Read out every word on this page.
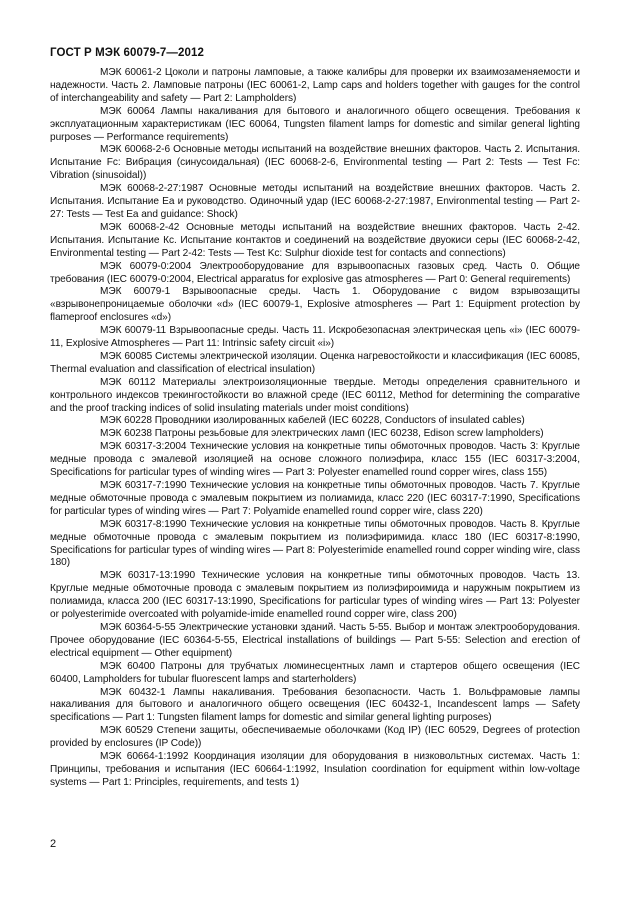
ГОСТ Р МЭК 60079-7—2012

МЭК 60061-2 Цоколи и патроны ламповые, а также калибры для проверки их взаимозаменяемости и надежности. Часть 2. Ламповые патроны (IEC 60061-2, Lamp caps and holders together with gauges for the control of interchangeability and safety — Part 2: Lampholders)

МЭК 60064 Лампы накаливания для бытового и аналогичного общего освещения. Требования к эксплуатационным характеристикам (IEC 60064, Tungsten filament lamps for domestic and similar general lighting purposes — Performance requirements)

МЭК 60068-2-6 Основные методы испытаний на воздействие внешних факторов. Часть 2. Испытания. Испытание Fc: Вибрация (синусоидальная) (IEC 60068-2-6, Environmental testing — Part 2: Tests — Test Fc: Vibration (sinusoidal))

МЭК 60068-2-27:1987 Основные методы испытаний на воздействие внешних факторов. Часть 2. Испытания. Испытание Ea и руководство. Одиночный удар (IEC 60068-2-27:1987, Environmental testing — Part 2-27: Tests — Test Ea and guidance: Shock)

МЭК 60068-2-42 Основные методы испытаний на воздействие внешних факторов. Часть 2-42. Испытания. Испытание Кс. Испытание контактов и соединений на воздействие двуокиси серы (IEC 60068-2-42, Environmental testing — Part 2-42: Tests — Test Kc: Sulphur dioxide test for contacts and connections)

МЭК 60079-0:2004 Электрооборудование для взрывоопасных газовых сред. Часть 0. Общие требования (IEC 60079-0:2004, Electrical apparatus for explosive gas atmospheres — Part 0: General requirements)

МЭК 60079-1 Взрывоопасные среды. Часть 1. Оборудование с видом взрывозащиты «взрывонепроницаемые оболочки «d» (IEC 60079-1, Explosive atmospheres — Part 1: Equipment protection by flameproof enclosures «d»)

МЭК 60079-11 Взрывоопасные среды. Часть 11. Искробезопасная электрическая цепь «i» (IEC 60079-11, Explosive Atmospheres — Part 11: Intrinsic safety circuit «i»)

МЭК 60085 Системы электрической изоляции. Оценка нагревостойкости и классификация (IEC 60085, Thermal evaluation and classification of electrical insulation)

МЭК 60112 Материалы электроизоляционные твердые. Методы определения сравнительного и контрольного индексов трекингостойкости во влажной среде (IEC 60112, Method for determining the comparative and the proof tracking indices of solid insulating materials under moist conditions)

МЭК 60228 Проводники изолированных кабелей (IEC 60228, Conductors of insulated cables)

МЭК 60238 Патроны резьбовые для электрических ламп (IEC 60238, Edison screw lampholders)

МЭК 60317-3:2004 Технические условия на конкретные типы обмоточных проводов. Часть 3: Круглые медные провода с эмалевой изоляцией на основе сложного полиэфира, класс 155 (IEC 60317-3:2004, Specifications for particular types of winding wires — Part 3: Polyester enamelled round copper wires, class 155)

МЭК 60317-7:1990 Технические условия на конкретные типы обмоточных проводов. Часть 7. Круглые медные обмоточные провода с эмалевым покрытием из полиамида, класс 220 (IEC 60317-7:1990, Specifications for particular types of winding wires — Part 7: Polyamide enamelled round copper wire, class 220)

МЭК 60317-8:1990 Технические условия на конкретные типы обмоточных проводов. Часть 8. Круглые медные обмоточные провода с эмалевым покрытием из полиэфиримида. класс 180 (IEC 60317-8:1990, Specifications for particular types of winding wires — Part 8: Polyesterimide enamelled round copper winding wire, class 180)

МЭК 60317-13:1990 Технические условия на конкретные типы обмоточных проводов. Часть 13. Круглые медные обмоточные провода с эмалевым покрытием из полиэфироимида и наружным покрытием из полиамида, класса 200 (IEC 60317-13:1990, Specifications for particular types of winding wires — Part 13: Polyester or polyesterimide overcoated with polyamide-imide enamelled round copper wire, class 200)

МЭК 60364-5-55 Электрические установки зданий. Часть 5-55. Выбор и монтаж электрооборудования. Прочее оборудование (IEC 60364-5-55, Electrical installations of buildings — Part 5-55: Selection and erection of electrical equipment — Other equipment)

МЭК 60400 Патроны для трубчатых люминесцентных ламп и стартеров общего освещения (IEC 60400, Lampholders for tubular fluorescent lamps and starterholders)

МЭК 60432-1 Лампы накаливания. Требования безопасности. Часть 1. Вольфрамовые лампы накаливания для бытового и аналогичного общего освещения (IEC 60432-1, Incandescent lamps — Safety specifications — Part 1: Tungsten filament lamps for domestic and similar general lighting purposes)

МЭК 60529 Степени защиты, обеспечиваемые оболочками (Код IP) (IEC 60529, Degrees of protection provided by enclosures (IP Code))

МЭК 60664-1:1992 Координация изоляции для оборудования в низковольтных системах. Часть 1: Принципы, требования и испытания (IEC 60664-1:1992, Insulation coordination for equipment within low-voltage systems — Part 1: Principles, requirements, and tests 1)

2
